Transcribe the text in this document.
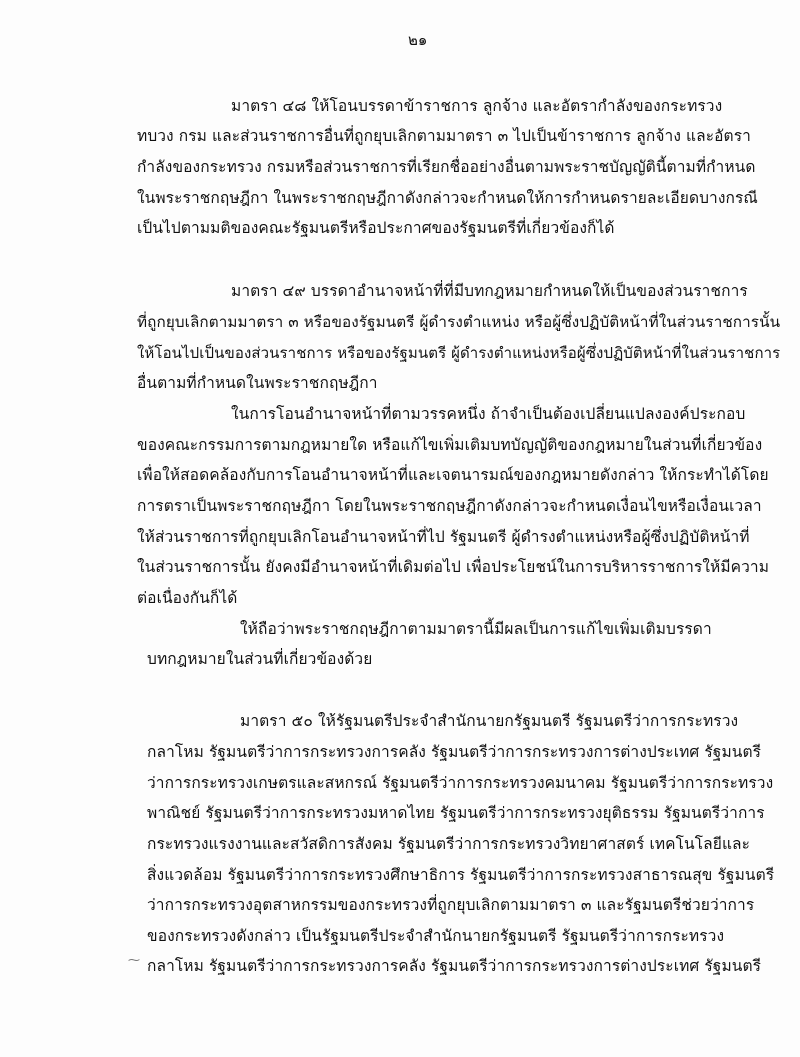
๒๑
มาตรา ๔๘ ให้โอนบรรดาข้าราชการ ลูกจ้าง และอัตรากำลังของกระทรวง
ทบวง กรม และส่วนราชการอื่นที่ถูกยุบเลิกตามมาตรา ๓ ไปเป็นข้าราชการ ลูกจ้าง และอัตรา
กำลังของกระทรวง กรมหรือส่วนราชการที่เรียกชื่ออย่างอื่นตามพระราชบัญญัตินี้ตามที่กำหนด
ในพระราชกฤษฎีกา ในพระราชกฤษฎีกาดังกล่าวจะกำหนดให้การกำหนดรายละเอียดบางกรณี
เป็นไปตามมติของคณะรัฐมนตรีหรือประกาศของรัฐมนตรีที่เกี่ยวข้องก็ได้
มาตรา ๔๙ บรรดาอำนาจหน้าที่ที่มีบทกฎหมายกำหนดให้เป็นของส่วนราชการ
ที่ถูกยุบเลิกตามมาตรา ๓ หรือของรัฐมนตรี ผู้ดำรงตำแหน่ง หรือผู้ซึ่งปฏิบัติหน้าที่ในส่วนราชการนั้น
ให้โอนไปเป็นของส่วนราชการ หรือของรัฐมนตรี ผู้ดำรงตำแหน่งหรือผู้ซึ่งปฏิบัติหน้าที่ในส่วนราชการ
อื่นตามที่กำหนดในพระราชกฤษฎีกา
ในการโอนอำนาจหน้าที่ตามวรรคหนึ่ง ถ้าจำเป็นต้องเปลี่ยนแปลงองค์ประกอบ
ของคณะกรรมการตามกฎหมายใด หรือแก้ไขเพิ่มเติมบทบัญญัติของกฎหมายในส่วนที่เกี่ยวข้อง
เพื่อให้สอดคล้องกับการโอนอำนาจหน้าที่และเจตนารมณ์ของกฎหมายดังกล่าว ให้กระทำได้โดย
การตราเป็นพระราชกฤษฎีกา โดยในพระราชกฤษฎีกาดังกล่าวจะกำหนดเงื่อนไขหรือเงื่อนเวลา
ให้ส่วนราชการที่ถูกยุบเลิกโอนอำนาจหน้าที่ไป รัฐมนตรี ผู้ดำรงตำแหน่งหรือผู้ซึ่งปฏิบัติหน้าที่
ในส่วนราชการนั้น ยังคงมีอำนาจหน้าที่เดิมต่อไป เพื่อประโยชน์ในการบริหารราชการให้มีความ
ต่อเนื่องกันก็ได้
ให้ถือว่าพระราชกฤษฎีกาตามมาตรานี้มีผลเป็นการแก้ไขเพิ่มเติมบรรดา
บทกฎหมายในส่วนที่เกี่ยวข้องด้วย
มาตรา ๕๐ ให้รัฐมนตรีประจำสำนักนายกรัฐมนตรี รัฐมนตรีว่าการกระทรวง
กลาโหม รัฐมนตรีว่าการกระทรวงการคลัง รัฐมนตรีว่าการกระทรวงการต่างประเทศ รัฐมนตรี
ว่าการกระทรวงเกษตรและสหกรณ์ รัฐมนตรีว่าการกระทรวงคมนาคม รัฐมนตรีว่าการกระทรวง
พาณิชย์ รัฐมนตรีว่าการกระทรวงมหาดไทย รัฐมนตรีว่าการกระทรวงยุติธรรม รัฐมนตรีว่าการ
กระทรวงแรงงานและสวัสดิการสังคม รัฐมนตรีว่าการกระทรวงวิทยาศาสตร์ เทคโนโลยีและ
สิ่งแวดล้อม รัฐมนตรีว่าการกระทรวงศึกษาธิการ รัฐมนตรีว่าการกระทรวงสาธารณสุข รัฐมนตรี
ว่าการกระทรวงอุตสาหกรรมของกระทรวงที่ถูกยุบเลิกตามมาตรา ๓ และรัฐมนตรีช่วยว่าการ
ของกระทรวงดังกล่าว เป็นรัฐมนตรีประจำสำนักนายกรัฐมนตรี รัฐมนตรีว่าการกระทรวง
กลาโหม รัฐมนตรีว่าการกระทรวงการคลัง รัฐมนตรีว่าการกระทรวงการต่างประเทศ รัฐมนตรี
⁓
